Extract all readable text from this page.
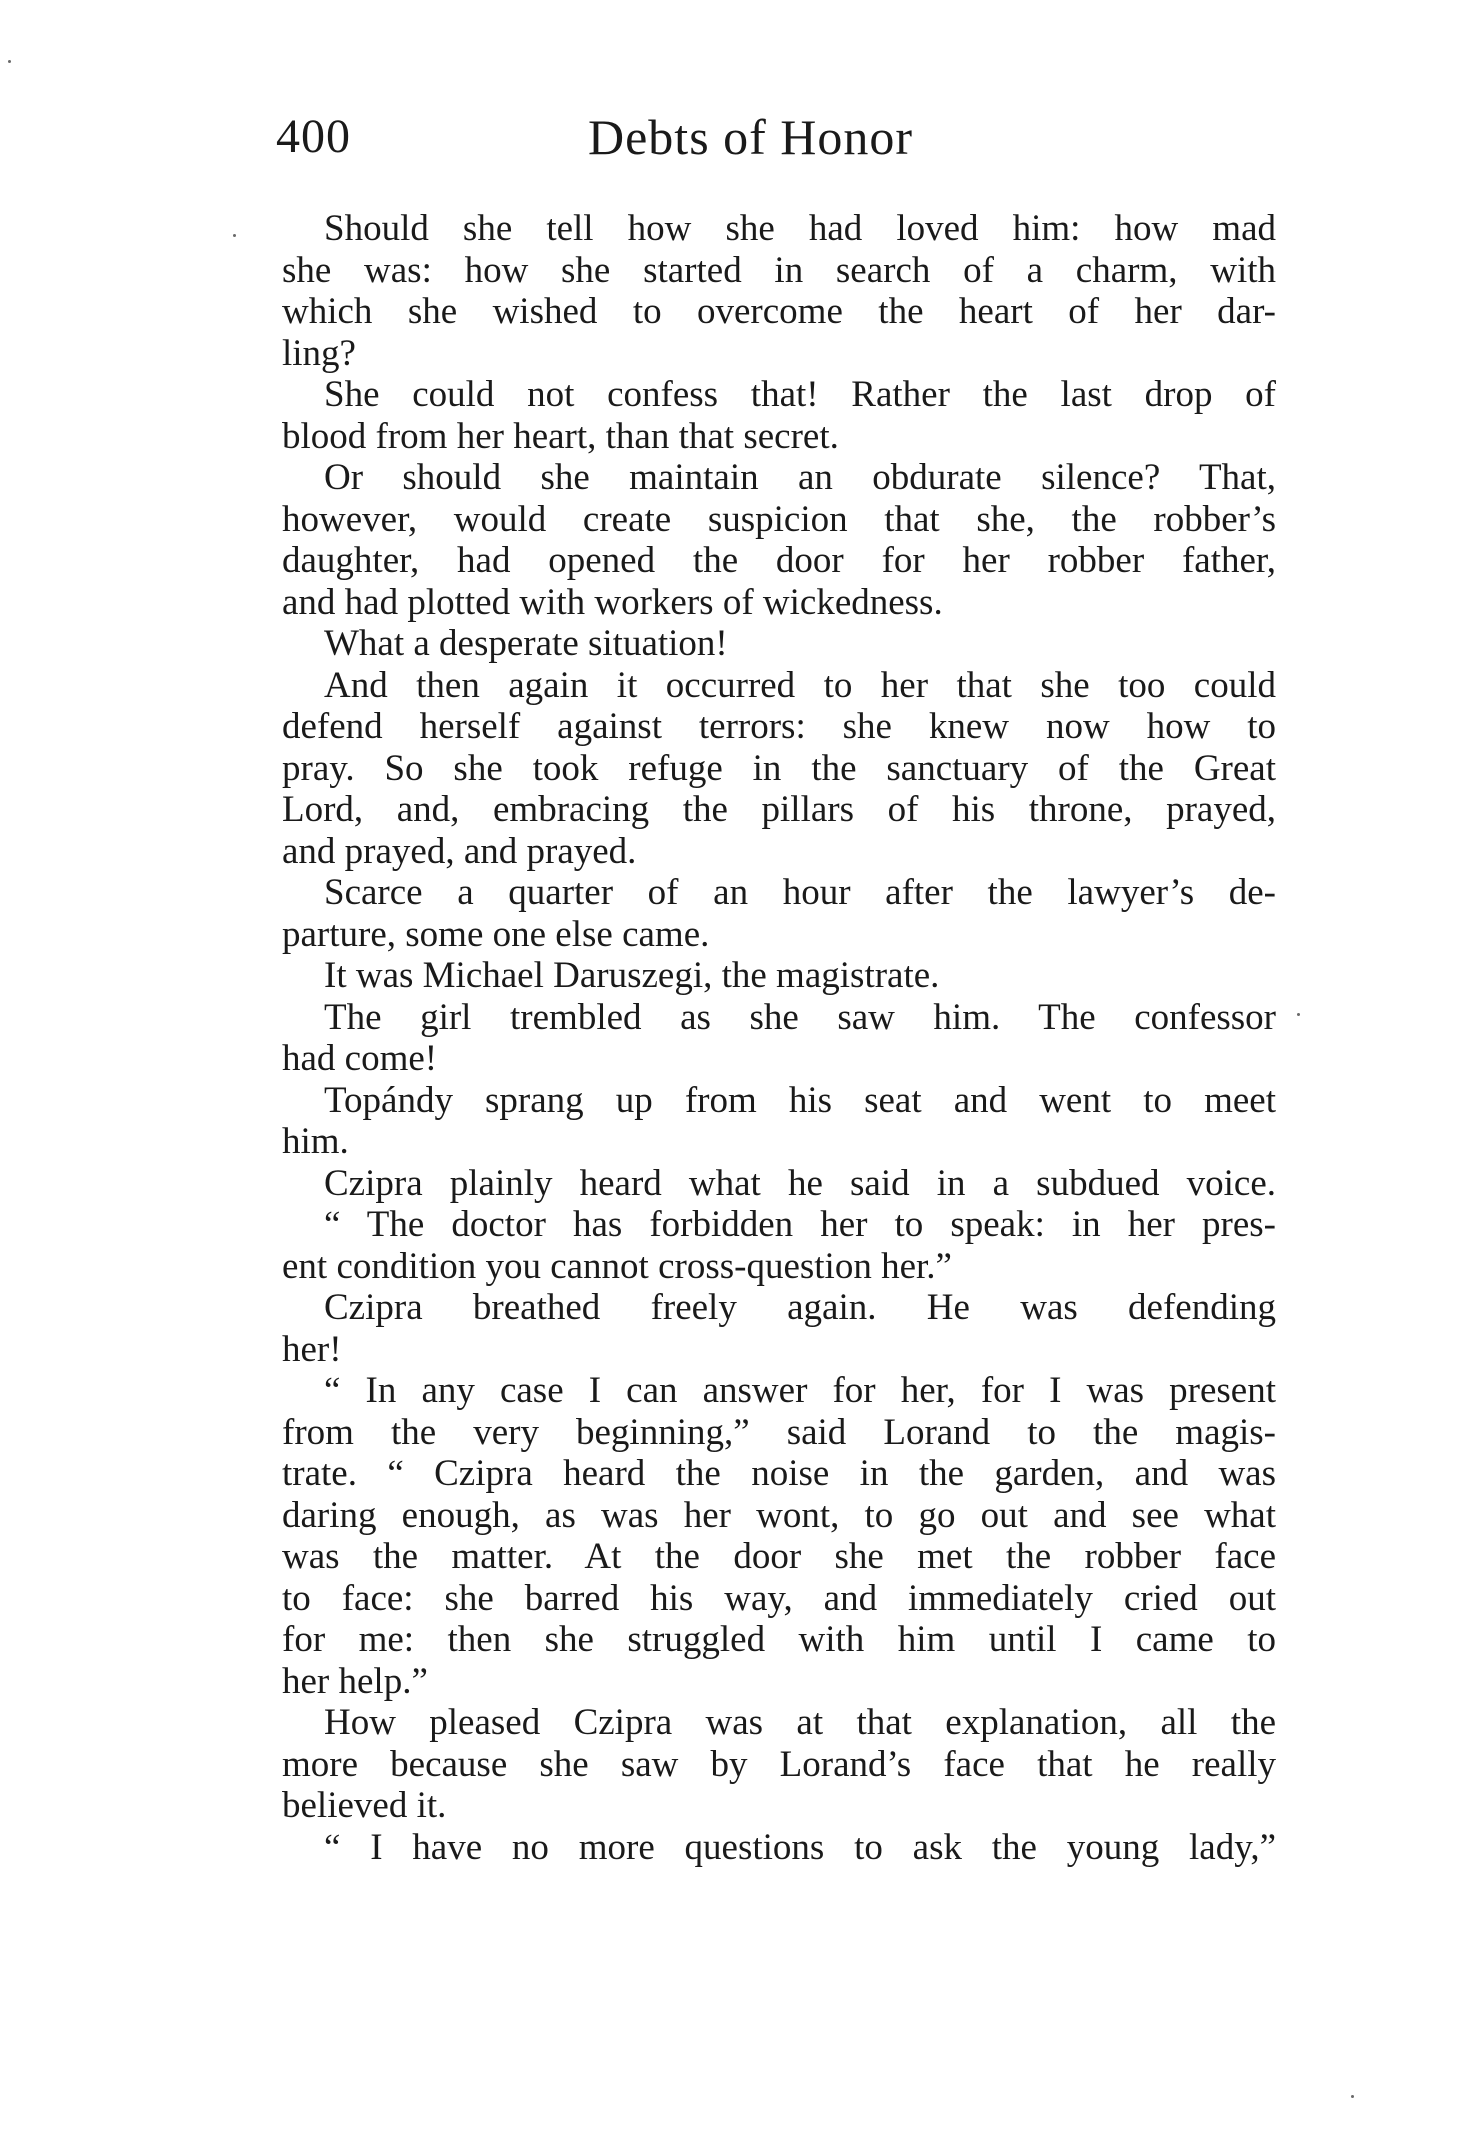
400	Debts of Honor
Should she tell how she had loved him: how mad
she was: how she started in search of a charm, with
which she wished to overcome the heart of her dar-
ling?
She could not confess that! Rather the last drop of
blood from her heart, than that secret.
Or should she maintain an obdurate silence? That,
however, would create suspicion that she, the robber’s
daughter, had opened the door for her robber father,
and had plotted with workers of wickedness.
What a desperate situation!
And then again it occurred to her that she too could
defend herself against terrors: she knew now how to
pray. So she took refuge in the sanctuary of the Great
Lord, and, embracing the pillars of his throne, prayed,
and prayed, and prayed.
Scarce a quarter of an hour after the lawyer’s de-
parture, some one else came.
It was Michael Daruszegi, the magistrate.
The girl trembled as she saw him. The confessor
had come!
Topándy sprang up from his seat and went to meet
him.
Czipra plainly heard what he said in a subdued voice.
“ The doctor has forbidden her to speak: in her pres-
ent condition you cannot cross-question her.”
Czipra breathed freely again. He was defending
her!
“ In any case I can answer for her, for I was present
from the very beginning,” said Lorand to the magis-
trate. “ Czipra heard the noise in the garden, and was
daring enough, as was her wont, to go out and see what
was the matter. At the door she met the robber face
to face: she barred his way, and immediately cried out
for me: then she struggled with him until I came to
her help.”
How pleased Czipra was at that explanation, all the
more because she saw by Lorand’s face that he really
believed it.
“ I have no more questions to ask the young lady,”
